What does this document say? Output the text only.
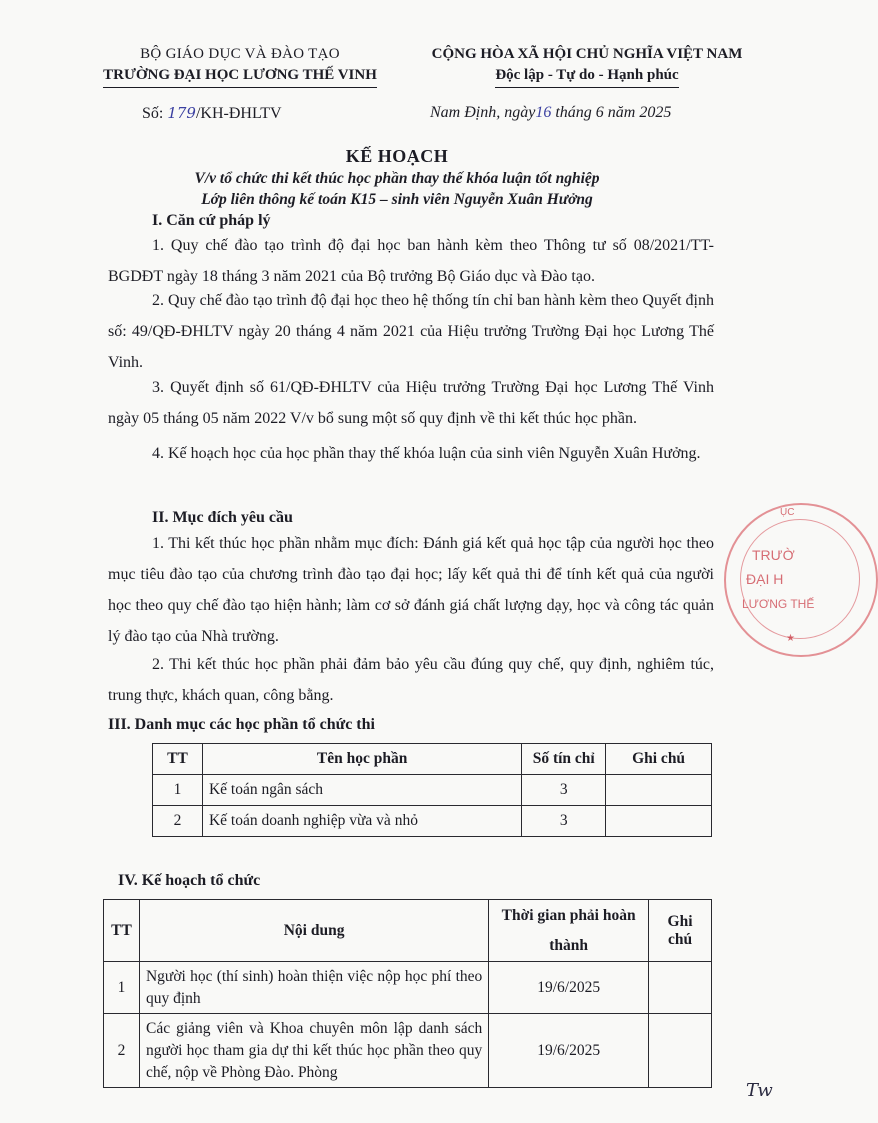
BỘ GIÁO DỤC VÀ ĐÀO TẠO
TRƯỜNG ĐẠI HỌC LƯƠNG THẾ VINH
CỘNG HÒA XÃ HỘI CHỦ NGHĨA VIỆT NAM
Độc lập - Tự do - Hạnh phúc
Số: 179/KH-ĐHLTV	Nam Định, ngày16 tháng 6 năm 2025
KẾ HOẠCH
V/v tổ chức thi kết thúc học phần thay thế khóa luận tốt nghiệp
Lớp liên thông kế toán K15 – sinh viên Nguyễn Xuân Hưởng
I. Căn cứ pháp lý
1. Quy chế đào tạo trình độ đại học ban hành kèm theo Thông tư số 08/2021/TT-BGDĐT ngày 18 tháng 3 năm 2021 của Bộ trưởng Bộ Giáo dục và Đào tạo.
2. Quy chế đào tạo trình độ đại học theo hệ thống tín chỉ ban hành kèm theo Quyết định số: 49/QĐ-ĐHLTV ngày 20 tháng 4 năm 2021 của Hiệu trưởng Trường Đại học Lương Thế Vinh.
3. Quyết định số 61/QĐ-ĐHLTV của Hiệu trưởng Trường Đại học Lương Thế Vinh ngày 05 tháng 05 năm 2022 V/v bổ sung một số quy định về thi kết thúc học phần.
4. Kế hoạch học của học phần thay thế khóa luận của sinh viên Nguyễn Xuân Hưởng.
II. Mục đích yêu cầu
1. Thi kết thúc học phần nhằm mục đích: Đánh giá kết quả học tập của người học theo mục tiêu đào tạo của chương trình đào tạo đại học; lấy kết quả thi để tính kết quả của người học theo quy chế đào tạo hiện hành; làm cơ sở đánh giá chất lượng dạy, học và công tác quản lý đào tạo của Nhà trường.
2. Thi kết thúc học phần phải đảm bảo yêu cầu đúng quy chế, quy định, nghiêm túc, trung thực, khách quan, công bằng.
III. Danh mục các học phần tổ chức thi
TT	Tên học phần	Số tín chỉ	Ghi chú
1	Kế toán ngân sách	3	
2	Kế toán doanh nghiệp vừa và nhỏ	3	
IV. Kế hoạch tổ chức
TT	Nội dung	Thời gian phải hoàn thành	Ghi chú
1	Người học (thí sinh) hoàn thiện việc nộp học phí theo quy định	19/6/2025	
2	Các giảng viên và Khoa chuyên môn lập danh sách người học tham gia dự thi kết thúc học phần theo quy chế, nộp về Phòng Đào. Phòng	19/6/2025	
ỤC
TRƯỜ
ĐẠI H
LƯƠNG THẾ
★
Tw
